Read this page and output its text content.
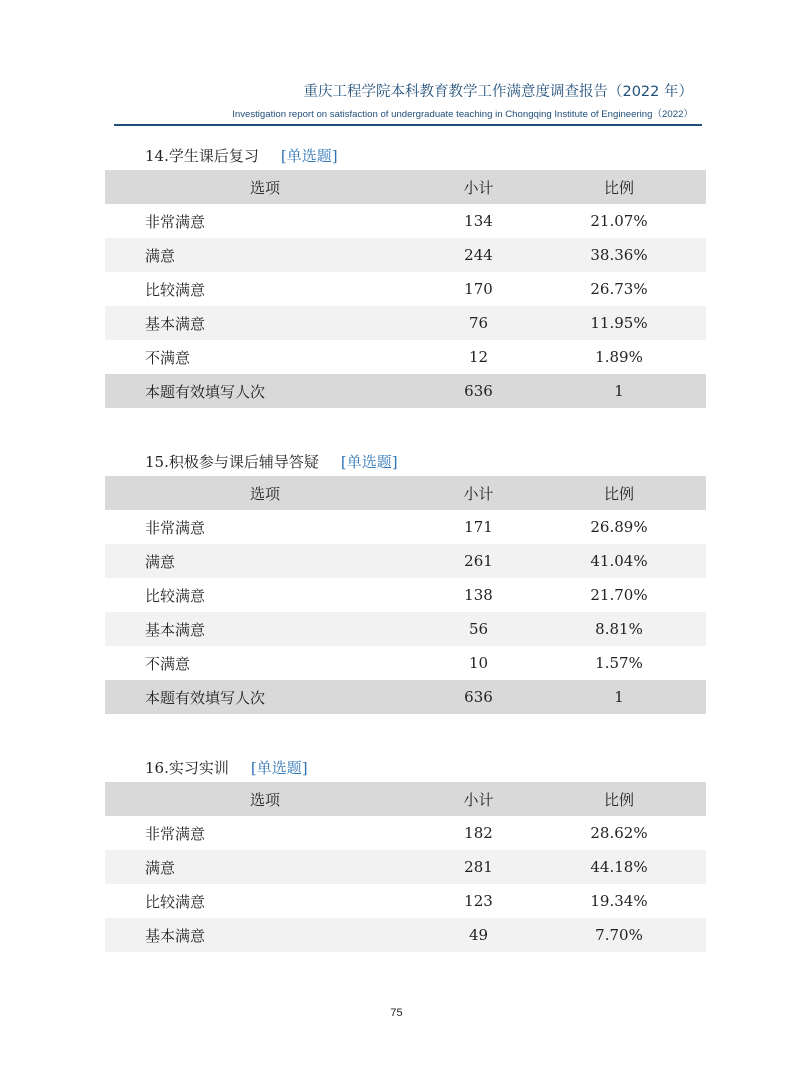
重庆工程学院本科教育教学工作满意度调查报告（2022 年）
Investigation report on satisfaction of undergraduate teaching in Chongqing Institute of Engineering（2022）
14.学生课后复习 [单选题]
选项	小计	比例
非常满意	134	21.07%
满意	244	38.36%
比较满意	170	26.73%
基本满意	76	11.95%
不满意	12	1.89%
本题有效填写人次	636	1
15.积极参与课后辅导答疑 [单选题]
选项	小计	比例
非常满意	171	26.89%
满意	261	41.04%
比较满意	138	21.70%
基本满意	56	8.81%
不满意	10	1.57%
本题有效填写人次	636	1
16.实习实训 [单选题]
选项	小计	比例
非常满意	182	28.62%
满意	281	44.18%
比较满意	123	19.34%
基本满意	49	7.70%
75
